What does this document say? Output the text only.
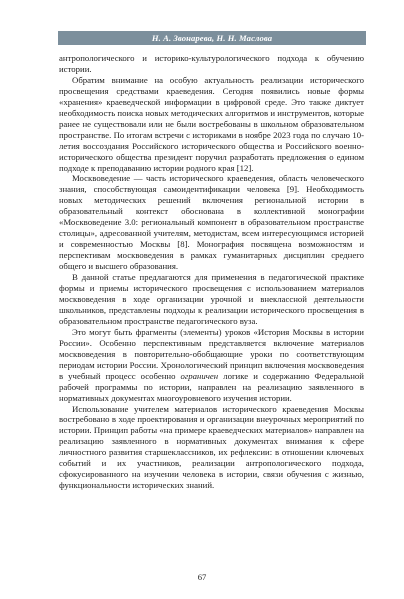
Н. А. Звонарева, Н. Н. Маслова

антропологического и историко-культурологического подхода к обучению истории.

Обратим внимание на особую актуальность реализации исторического просвещения средствами краеведения. Сегодня появились новые формы «хранения» краеведческой информации в цифровой среде. Это также диктует необходимость поиска новых методических алгоритмов и инструментов, которые ранее не существовали или не были востребованы в школьном образовательном пространстве. По итогам встречи с историками в ноябре 2023 года по случаю 10-летия воссоздания Российского исторического общества и Российского военно-исторического общества президент поручил разработать предложения о едином подходе к преподаванию истории родного края [12].

Москвоведение — часть исторического краеведения, область человеческого знания, способствующая самоидентификации человека [9]. Необходимость новых методических решений включения региональной истории в образовательный контекст обоснована в коллективной монографии «Москвоведение 3.0: региональный компонент в образовательном пространстве столицы», адресованной учителям, методистам, всем интересующимся историей и современностью Москвы [8]. Монография посвящена возможностям и перспективам москвоведения в рамках гуманитарных дисциплин среднего общего и высшего образования.

В данной статье предлагаются для применения в педагогической практике формы и приемы исторического просвещения с использованием материалов москвоведения в ходе организации урочной и внеклассной деятельности школьников, представлены подходы к реализации исторического просвещения в образовательном пространстве педагогического вуза.

Это могут быть фрагменты (элементы) уроков «История Москвы в истории России». Особенно перспективным представляется включение материалов москвоведения в повторительно-обобщающие уроки по соответствующим периодам истории России. Хронологический принцип включения москвоведения в учебный процесс особенно ограничен логике и содержанию Федеральной рабочей программы по истории, направлен на реализацию заявленного в нормативных документах многоуровневого изучения истории.

Использование учителем материалов исторического краеведения Москвы востребовано в ходе проектирования и организации внеурочных мероприятий по истории. Принцип работы «на примере краеведческих материалов» направлен на реализацию заявленного в нормативных документах внимания к сфере личностного развития старшеклассников, их рефлексии: в отношении ключевых событий и их участников, реализации антропологического подхода, сфокусированного на изучении человека в истории, связи обучения с жизнью, функциональности исторических знаний.

67
